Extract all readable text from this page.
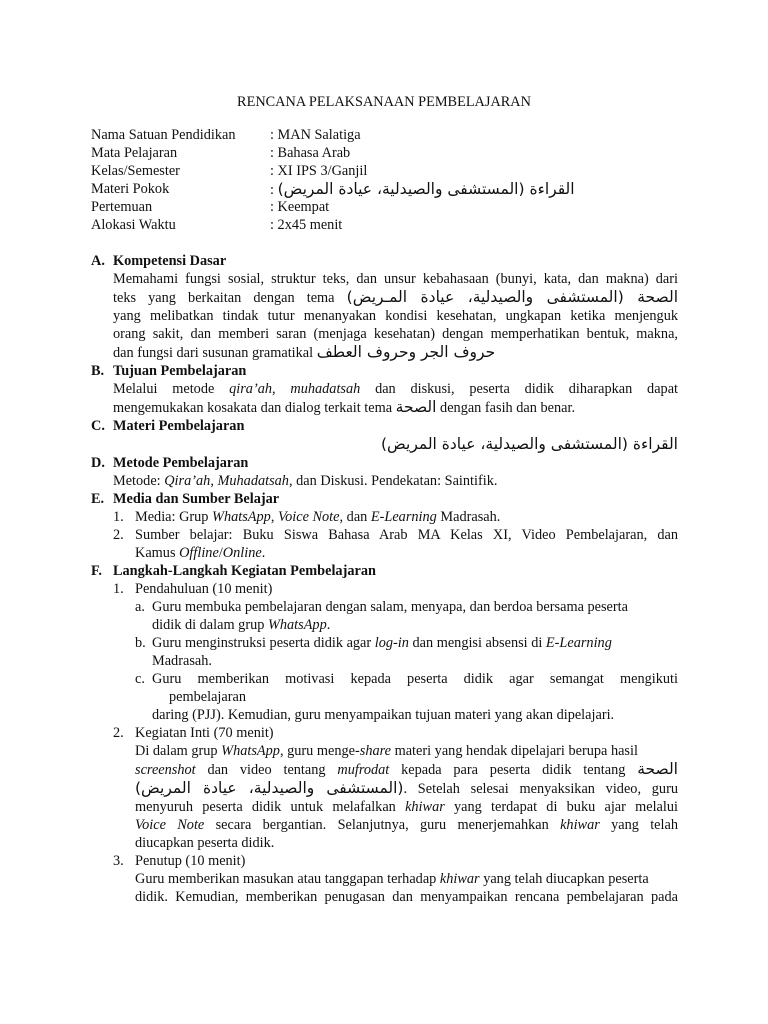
RENCANA PELAKSANAAN PEMBELAJARAN
Nama Satuan Pendidikan : MAN Salatiga
Mata Pelajaran	: Bahasa Arab
Kelas/Semester	: XI IPS 3/Ganjil
Materi Pokok	: القراءة (المستشفى والصيدلية، عيادة المريض)
Pertemuan	: Keempat
Alokasi Waktu	: 2x45 menit
A. Kompetensi Dasar
Memahami fungsi sosial, struktur teks, dan unsur kebahasaan (bunyi, kata, dan makna) dari
teks yang berkaitan dengan tema الصحة (المستشفى والصيدلية، عيادة المـريض)
yang melibatkan tindak tutur menanyakan kondisi kesehatan, ungkapan ketika menjenguk
orang sakit, dan memberi saran (menjaga kesehatan) dengan memperhatikan bentuk, makna,
dan fungsi dari susunan gramatikal حروف الجر وحروف العطف
B. Tujuan Pembelajaran
Melalui metode qira’ah, muhadatsah dan diskusi, peserta didik diharapkan dapat
mengemukakan kosakata dan dialog terkait tema الصحة dengan fasih dan benar.
C. Materi Pembelajaran
القراءة (المستشفى والصيدلية، عيادة المريض)
D. Metode Pembelajaran
Metode: Qira’ah, Muhadatsah, dan Diskusi. Pendekatan: Saintifik.
E. Media dan Sumber Belajar
1. Media: Grup WhatsApp, Voice Note, dan E-Learning Madrasah.
2. Sumber belajar: Buku Siswa Bahasa Arab MA Kelas XI, Video Pembelajaran, dan
Kamus Offline/Online.
F. Langkah-Langkah Kegiatan Pembelajaran
1. Pendahuluan (10 menit)
a. Guru membuka pembelajaran dengan salam, menyapa, dan berdoa bersama peserta
didik di dalam grup WhatsApp.
b. Guru menginstruksi peserta didik agar log-in dan mengisi absensi di E-Learning
Madrasah.
c. Guru memberikan motivasi kepada peserta didik agar semangat mengikuti
pembelajaran
daring (PJJ). Kemudian, guru menyampaikan tujuan materi yang akan dipelajari.
2. Kegiatan Inti (70 menit)
Di dalam grup WhatsApp, guru menge-share materi yang hendak dipelajari berupa hasil
screenshot dan video tentang mufrodat kepada para peserta didik tentang الصحة
(المستشفى والصيدلية، عيادة المريض). Setelah selesai menyaksikan video, guru
menyuruh peserta didik untuk melafalkan khiwar yang terdapat di buku ajar melalui
Voice Note secara bergantian. Selanjutnya, guru menerjemahkan khiwar yang telah
diucapkan peserta didik.
3. Penutup (10 menit)
Guru memberikan masukan atau tanggapan terhadap khiwar yang telah diucapkan peserta
didik. Kemudian, memberikan penugasan dan menyampaikan rencana pembelajaran pada
